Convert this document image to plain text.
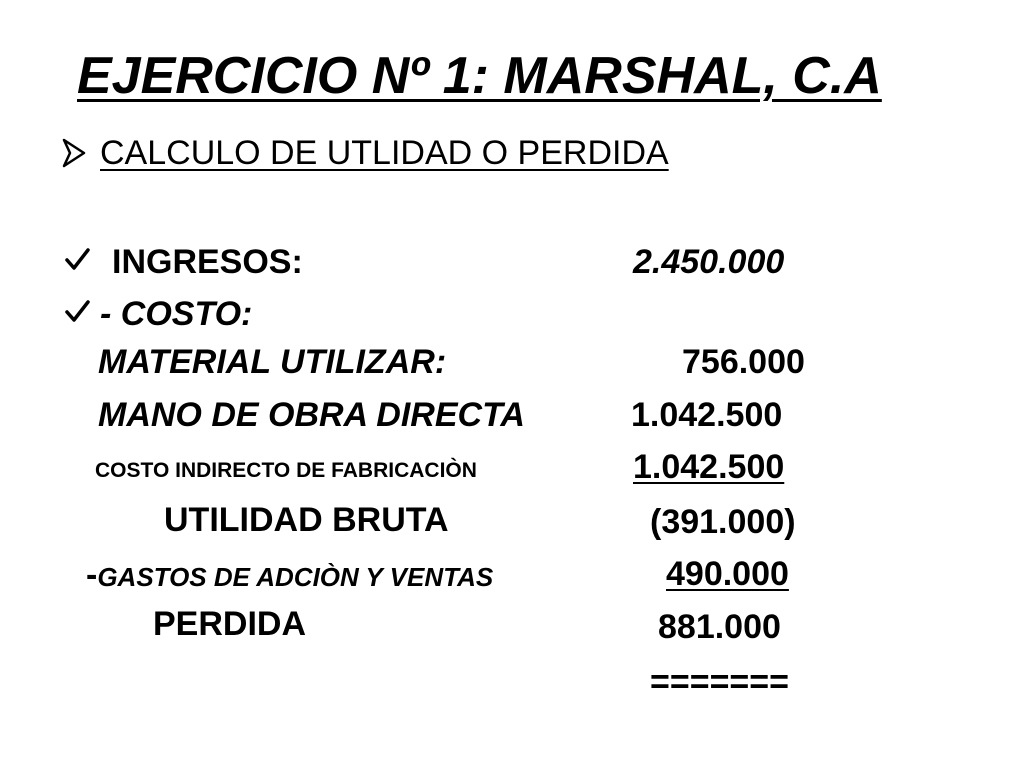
EJERCICIO Nº 1: MARSHAL, C.A
CALCULO DE UTLIDAD O PERDIDA
INGRESOS:	2.450.000
- COSTO:
MATERIAL UTILIZAR:	756.000
MANO DE OBRA DIRECTA	1.042.500
COSTO INDIRECTO DE FABRICACIÒN	1.042.500
UTILIDAD BRUTA	(391.000)
- GASTOS DE ADCIÒN Y VENTAS	490.000
PERDIDA	881.000
=======
